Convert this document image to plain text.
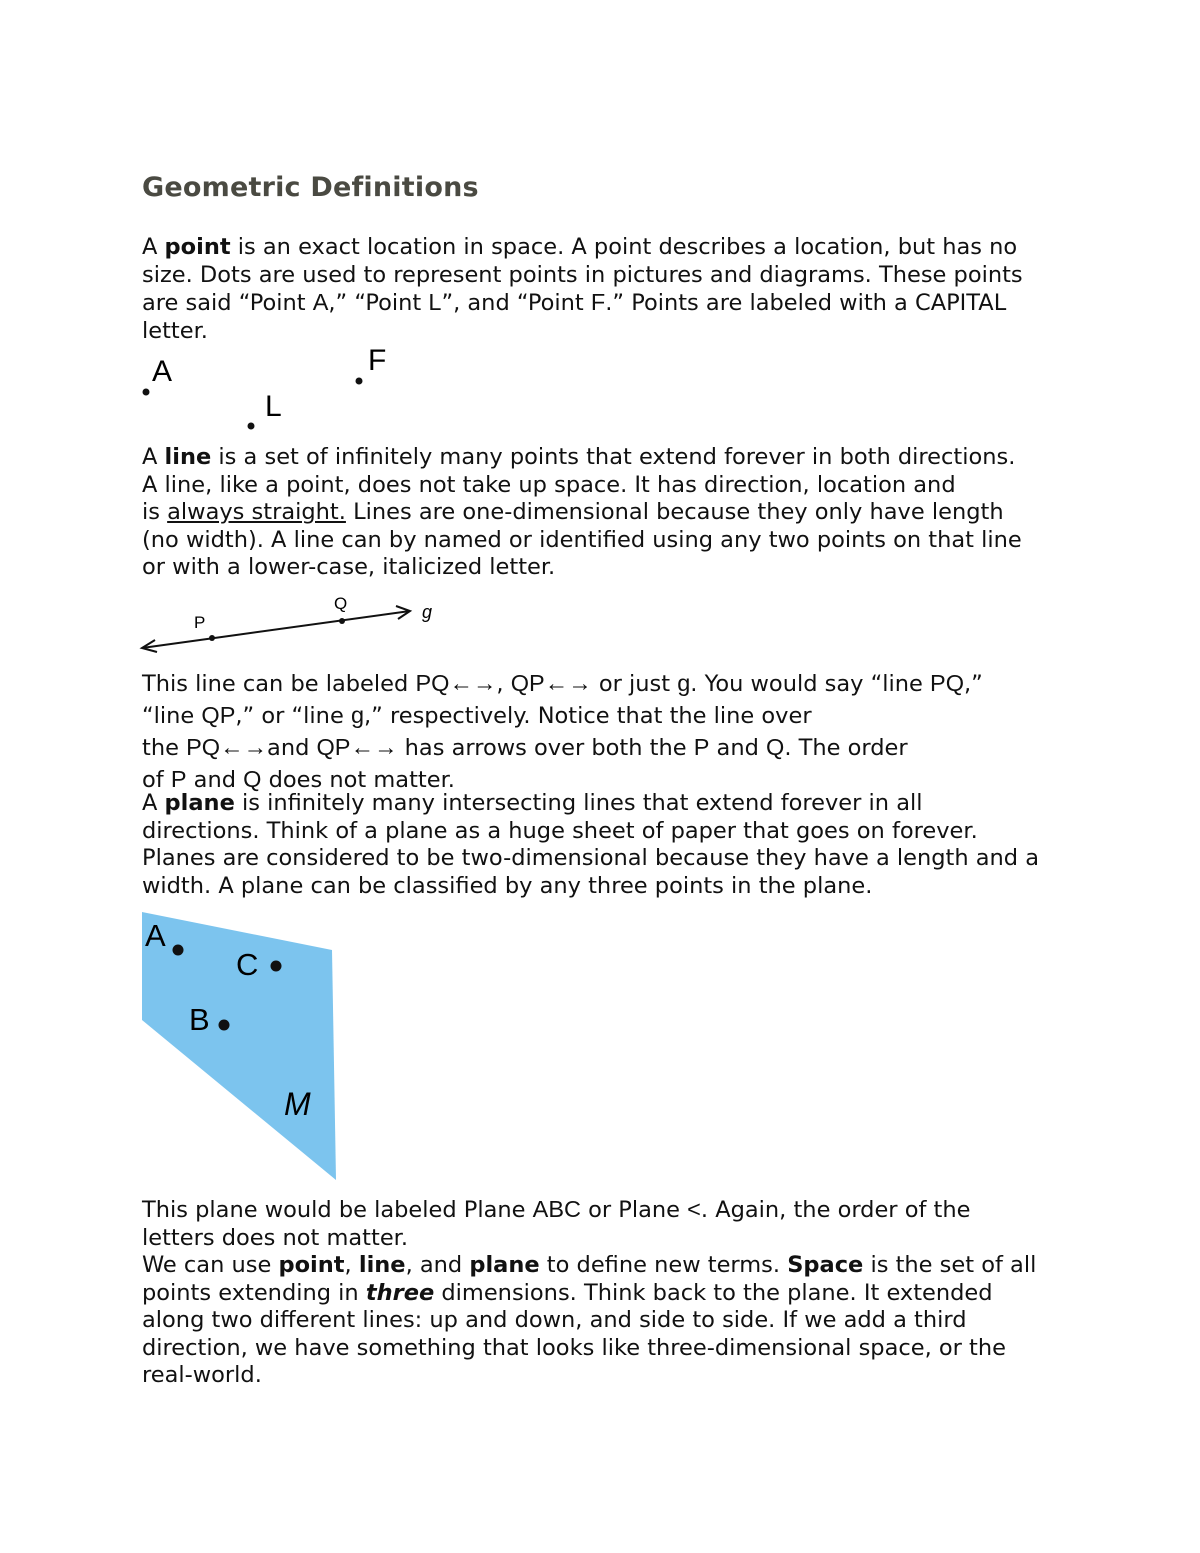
Geometric Definitions
A point is an exact location in space. A point describes a location, but has no
size. Dots are used to represent points in pictures and diagrams. These points
are said “Point A,” “Point L”, and “Point F.” Points are labeled with a CAPITAL
letter.
A
L
F
A line is a set of infinitely many points that extend forever in both directions.
A line, like a point, does not take up space. It has direction, location and
is always straight. Lines are one-dimensional because they only have length
(no width). A line can by named or identified using any two points on that line
or with a lower-case, italicized letter.
P
Q	g
This line can be labeled PQ←→, QP←→ or just g. You would say “line PQ,”
“line QP,” or “line g,” respectively. Notice that the line over
the PQ←→and QP←→ has arrows over both the P and Q. The order
of P and Q does not matter.
A plane is infinitely many intersecting lines that extend forever in all
directions. Think of a plane as a huge sheet of paper that goes on forever.
Planes are considered to be two-dimensional because they have a length and a
width. A plane can be classified by any three points in the plane.
A
C
B
M
This plane would be labeled Plane ABC or Plane <. Again, the order of the
letters does not matter.
We can use point, line, and plane to define new terms. Space is the set of all
points extending in three dimensions. Think back to the plane. It extended
along two different lines: up and down, and side to side. If we add a third
direction, we have something that looks like three-dimensional space, or the
real-world.
